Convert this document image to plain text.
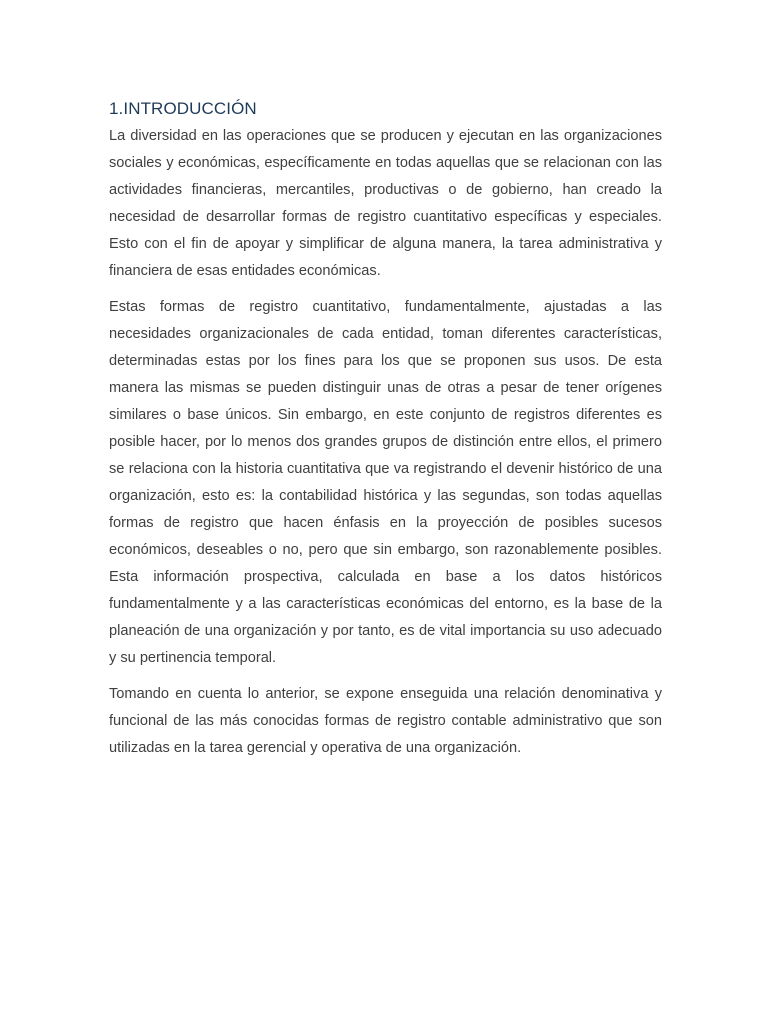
1.INTRODUCCIÓN

La diversidad en las operaciones que se producen y ejecutan en las organizaciones sociales y económicas, específicamente en todas aquellas que se relacionan con las actividades financieras, mercantiles, productivas o de gobierno, han creado la necesidad de desarrollar formas de registro cuantitativo específicas y especiales. Esto con el fin de apoyar y simplificar de alguna manera, la tarea administrativa y financiera de esas entidades económicas.

Estas formas de registro cuantitativo, fundamentalmente, ajustadas a las necesidades organizacionales de cada entidad, toman diferentes características, determinadas estas por los fines para los que se proponen sus usos. De esta manera las mismas se pueden distinguir unas de otras a pesar de tener orígenes similares o base únicos. Sin embargo, en este conjunto de registros diferentes es posible hacer, por lo menos dos grandes grupos de distinción entre ellos, el primero se relaciona con la historia cuantitativa que va registrando el devenir histórico de una organización, esto es: la contabilidad histórica y las segundas, son todas aquellas formas de registro que hacen énfasis en la proyección de posibles sucesos económicos, deseables o no, pero que sin embargo, son razonablemente posibles. Esta información prospectiva, calculada en base a los datos históricos fundamentalmente y a las características económicas del entorno, es la base de la planeación de una organización y por tanto, es de vital importancia su uso adecuado y su pertinencia temporal.

Tomando en cuenta lo anterior, se expone enseguida una relación denominativa y funcional de las más conocidas formas de registro contable administrativo que son utilizadas en la tarea gerencial y operativa de una organización.
